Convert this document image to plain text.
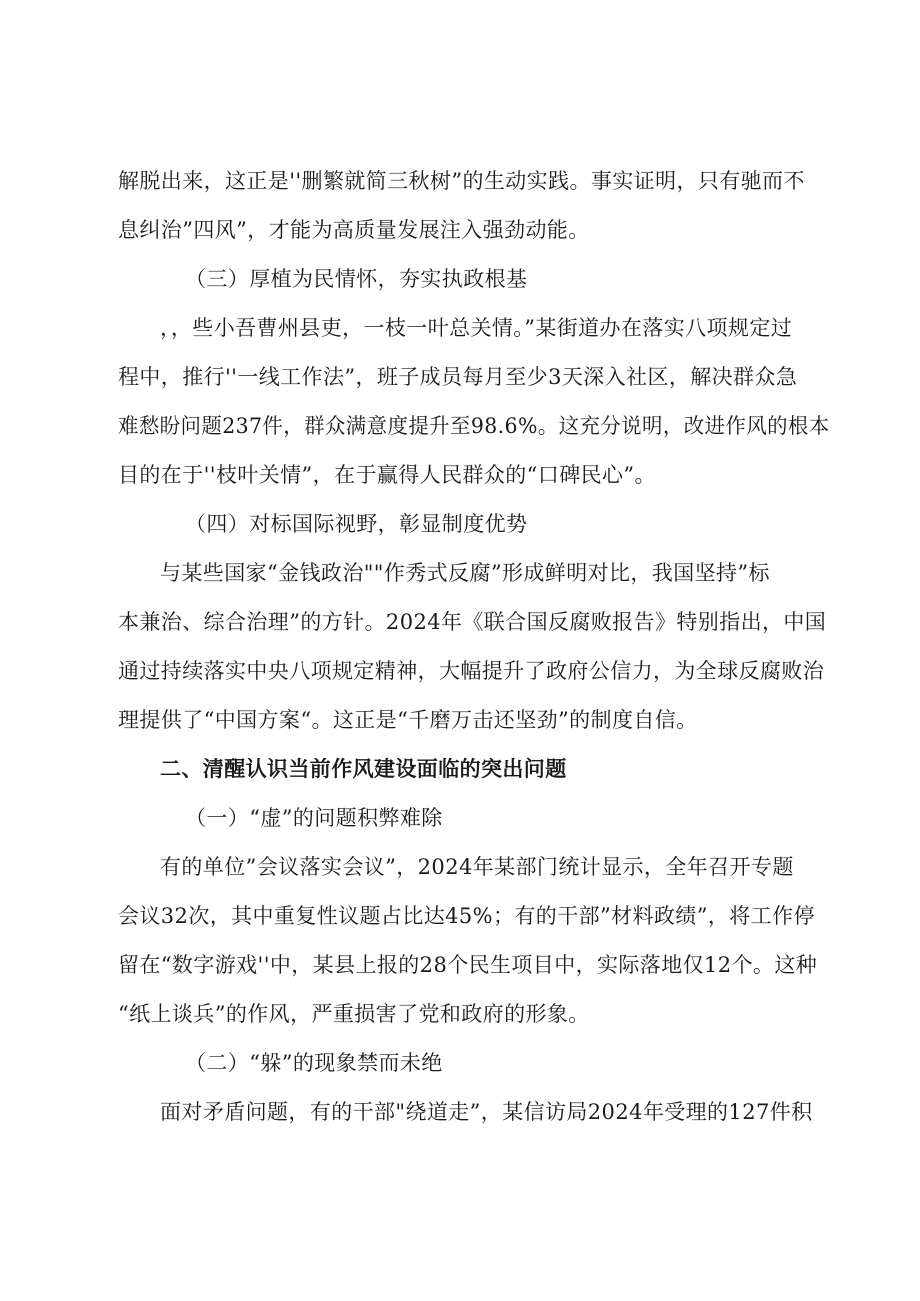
解脱出来，这正是''删繁就简三秋树”的生动实践。事实证明，只有驰而不
息纠治”四风”，才能为高质量发展注入强劲动能。
（三）厚植为民情怀，夯实执政根基
，，些小吾曹州县吏，一枝一叶总关情。”某街道办在落实八项规定过
程中，推行''一线工作法”，班子成员每月至少3天深入社区，解决群众急
难愁盼问题237件，群众满意度提升至98.6%。这充分说明，改进作风的根本
目的在于''枝叶关情”，在于赢得人民群众的“口碑民心”。
（四）对标国际视野，彰显制度优势
与某些国家“金钱政治""作秀式反腐”形成鲜明对比，我国坚持”标
本兼治、综合治理”的方针。2024年《联合国反腐败报告》特别指出，中国
通过持续落实中央八项规定精神，大幅提升了政府公信力，为全球反腐败治
理提供了“中国方案“。这正是“千磨万击还坚劲”的制度自信。
二、清醒认识当前作风建设面临的突出问题
（一）“虚”的问题积弊难除
有的单位”会议落实会议”，2024年某部门统计显示，全年召开专题
会议32次，其中重复性议题占比达45%；有的干部”材料政绩”，将工作停
留在“数字游戏''中，某县上报的28个民生项目中，实际落地仅12个。这种
“纸上谈兵”的作风，严重损害了党和政府的形象。
（二）“躲”的现象禁而未绝
面对矛盾问题，有的干部"绕道走”，某信访局2024年受理的127件积
